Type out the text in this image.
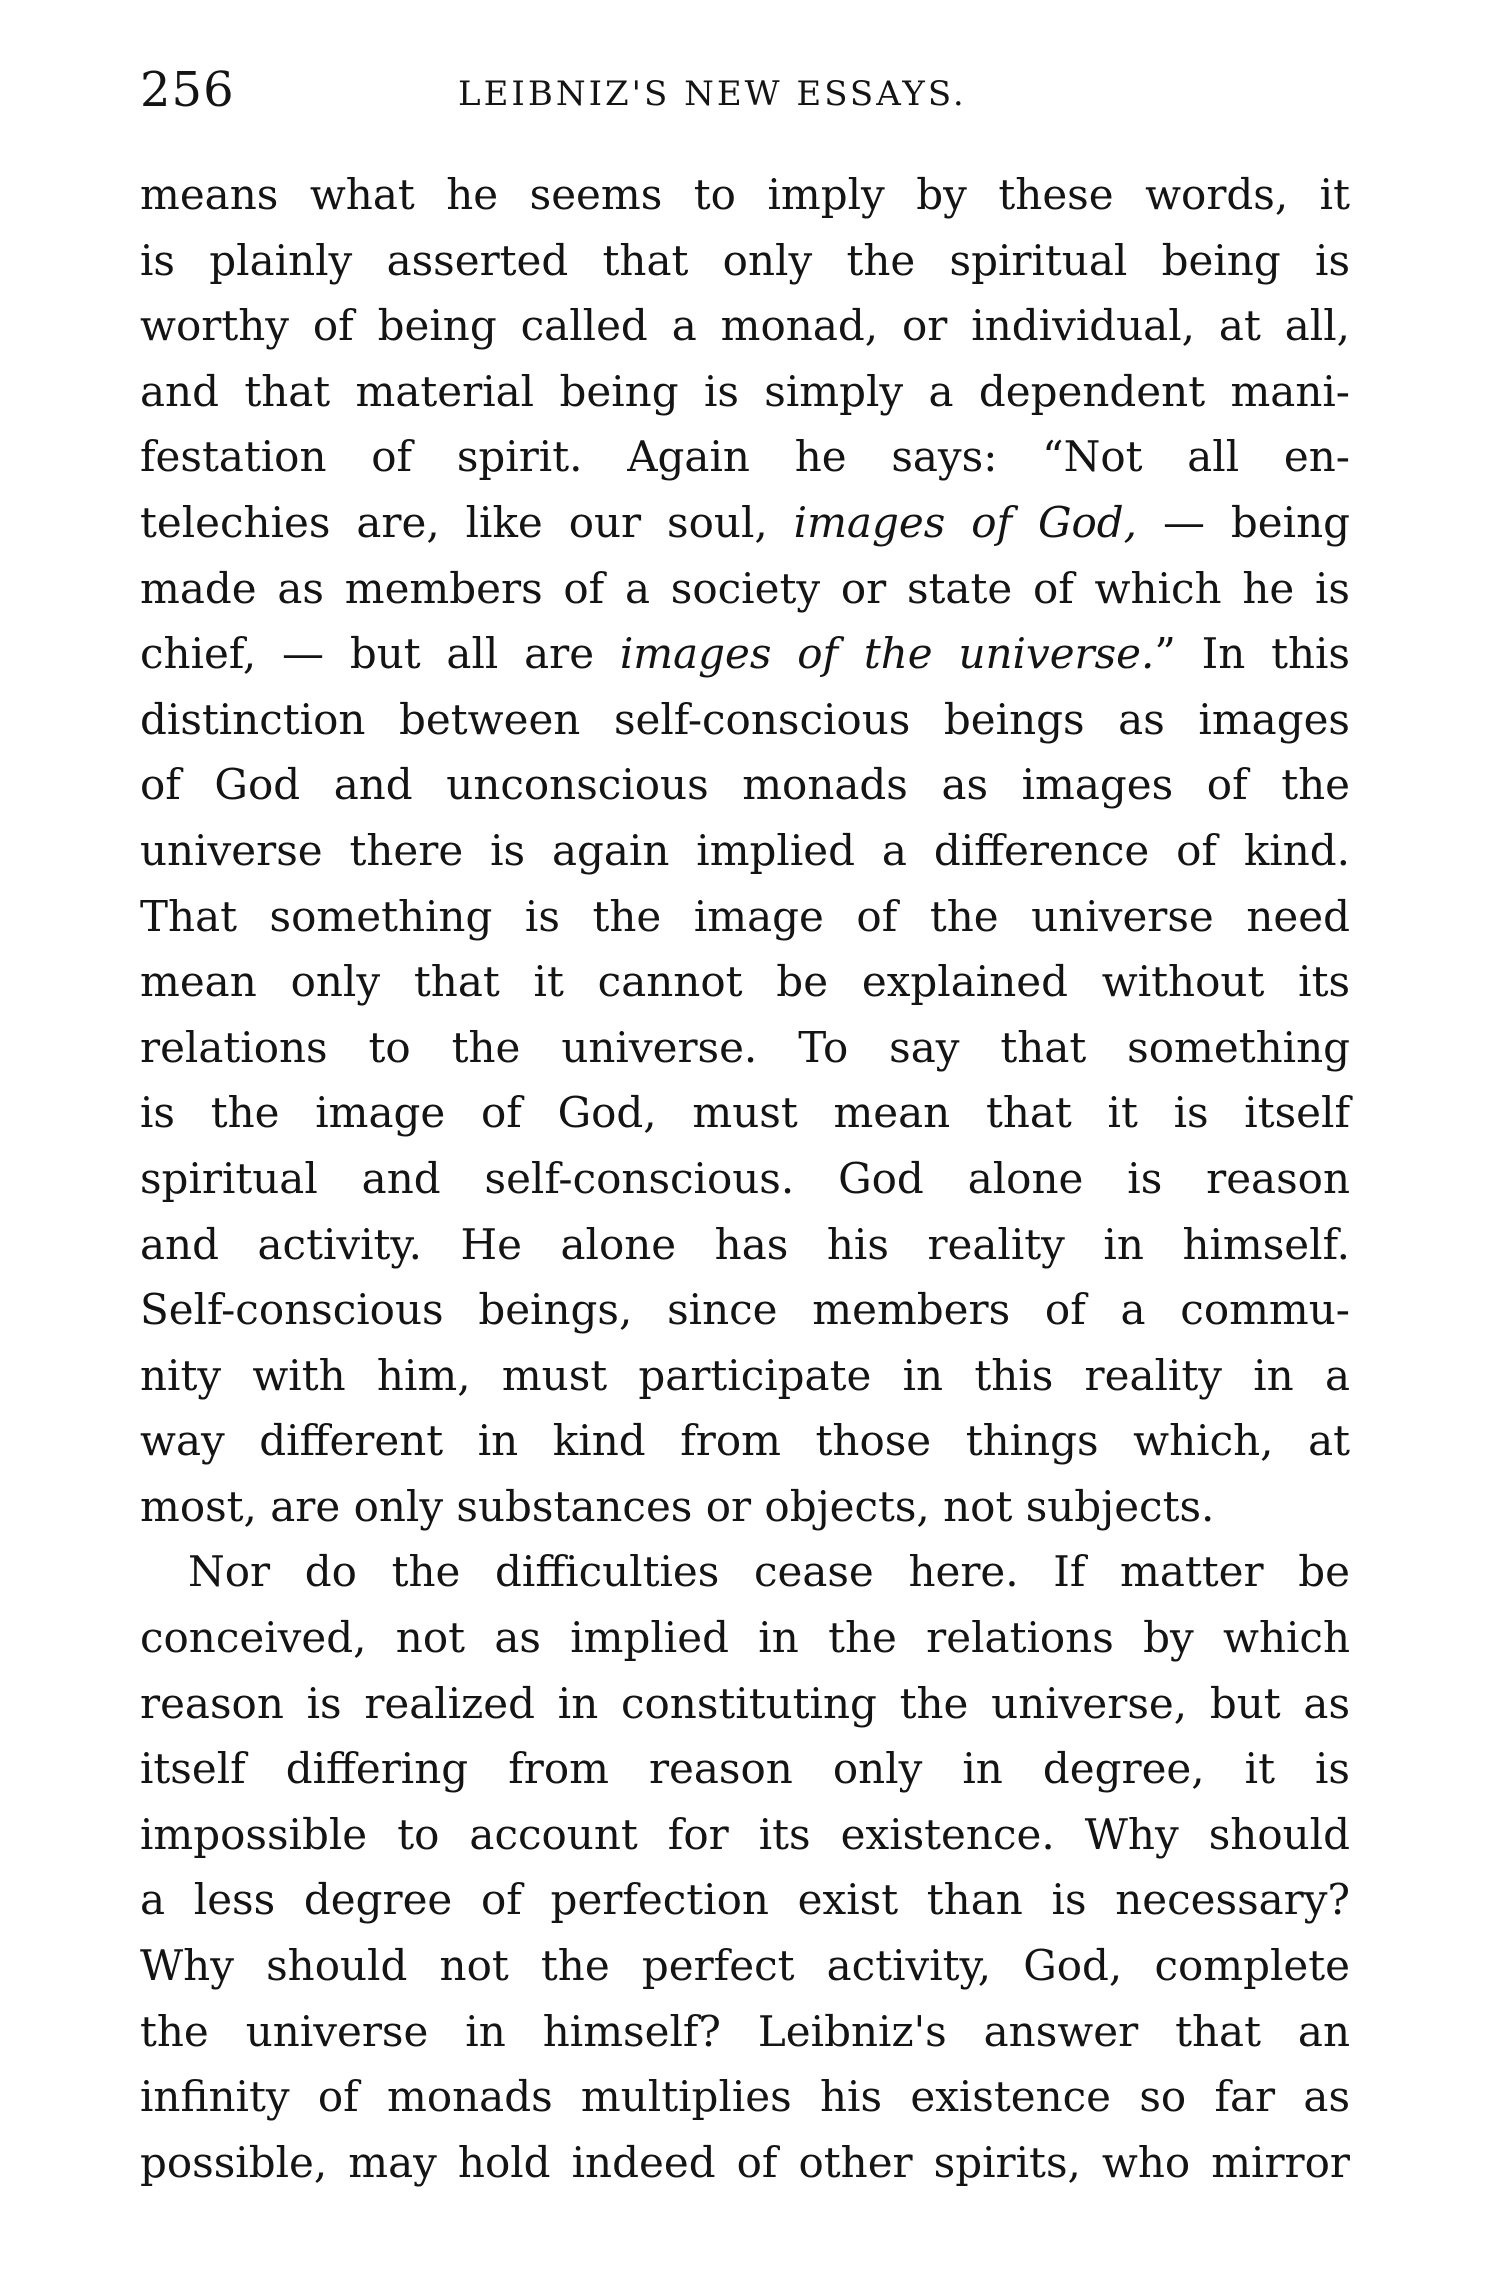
256	LEIBNIZ'S NEW ESSAYS.
means what he seems to imply by these words, it
is plainly asserted that only the spiritual being is
worthy of being called a monad, or individual, at all,
and that material being is simply a dependent mani-
festation of spirit. Again he says: “Not all en-
telechies are, like our soul, images of God, — being
made as members of a society or state of which he is
chief, — but all are images of the universe.” In this
distinction between self-conscious beings as images
of God and unconscious monads as images of the
universe there is again implied a difference of kind.
That something is the image of the universe need
mean only that it cannot be explained without its
relations to the universe. To say that something
is the image of God, must mean that it is itself
spiritual and self-conscious. God alone is reason
and activity. He alone has his reality in himself.
Self-conscious beings, since members of a commu-
nity with him, must participate in this reality in a
way different in kind from those things which, at
most, are only substances or objects, not subjects.
Nor do the difficulties cease here. If matter be
conceived, not as implied in the relations by which
reason is realized in constituting the universe, but as
itself differing from reason only in degree, it is
impossible to account for its existence. Why should
a less degree of perfection exist than is necessary?
Why should not the perfect activity, God, complete
the universe in himself? Leibniz's answer that an
infinity of monads multiplies his existence so far as
possible, may hold indeed of other spirits, who mirror
